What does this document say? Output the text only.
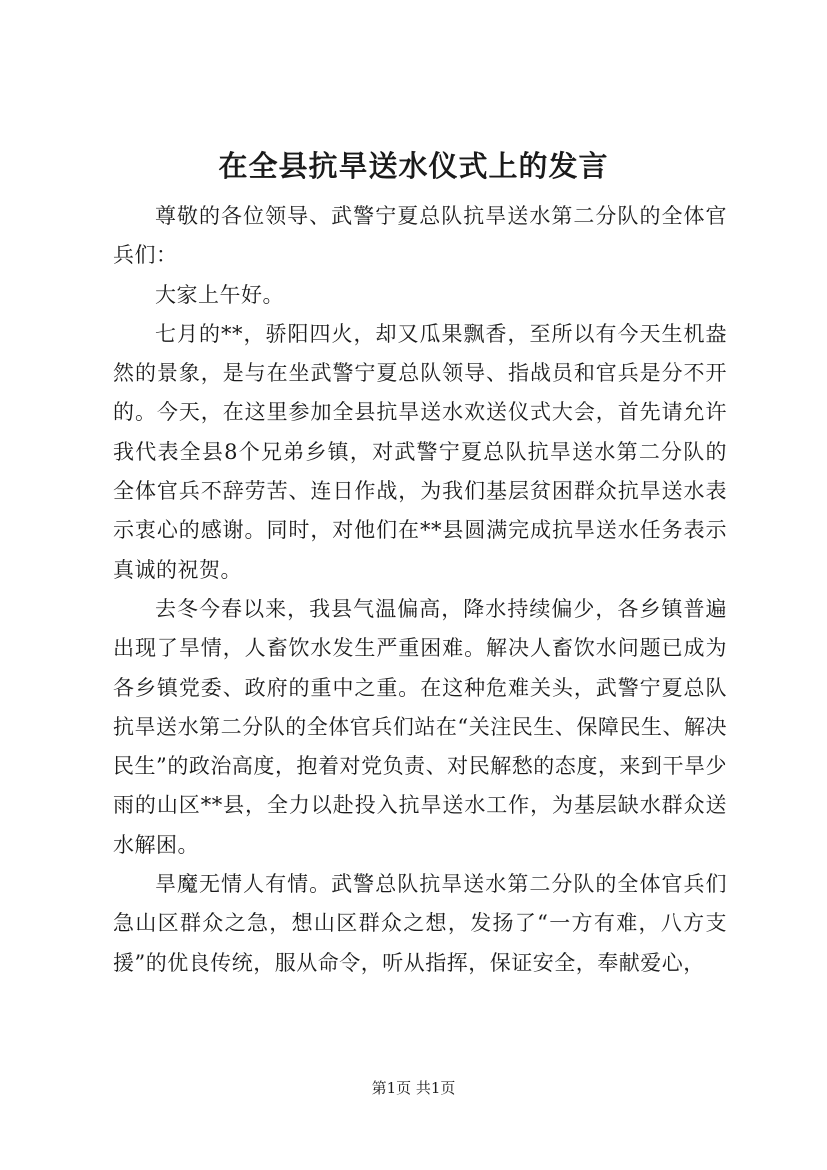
在全县抗旱送水仪式上的发言

尊敬的各位领导、武警宁夏总队抗旱送水第二分队的全体官兵们：

大家上午好。

七月的**，骄阳四火，却又瓜果飘香，至所以有今天生机盎然的景象，是与在坐武警宁夏总队领导、指战员和官兵是分不开的。今天，在这里参加全县抗旱送水欢送仪式大会，首先请允许我代表全县8个兄弟乡镇，对武警宁夏总队抗旱送水第二分队的全体官兵不辞劳苦、连日作战，为我们基层贫困群众抗旱送水表示衷心的感谢。同时，对他们在**县圆满完成抗旱送水任务表示真诚的祝贺。

去冬今春以来，我县气温偏高，降水持续偏少，各乡镇普遍出现了旱情，人畜饮水发生严重困难。解决人畜饮水问题已成为各乡镇党委、政府的重中之重。在这种危难关头，武警宁夏总队抗旱送水第二分队的全体官兵们站在“关注民生、保障民生、解决民生”的政治高度，抱着对党负责、对民解愁的态度，来到干旱少雨的山区**县，全力以赴投入抗旱送水工作，为基层缺水群众送水解困。

旱魔无情人有情。武警总队抗旱送水第二分队的全体官兵们急山区群众之急，想山区群众之想，发扬了“一方有难，八方支援”的优良传统，服从命令，听从指挥，保证安全，奉献爱心，

第1页 共1页
